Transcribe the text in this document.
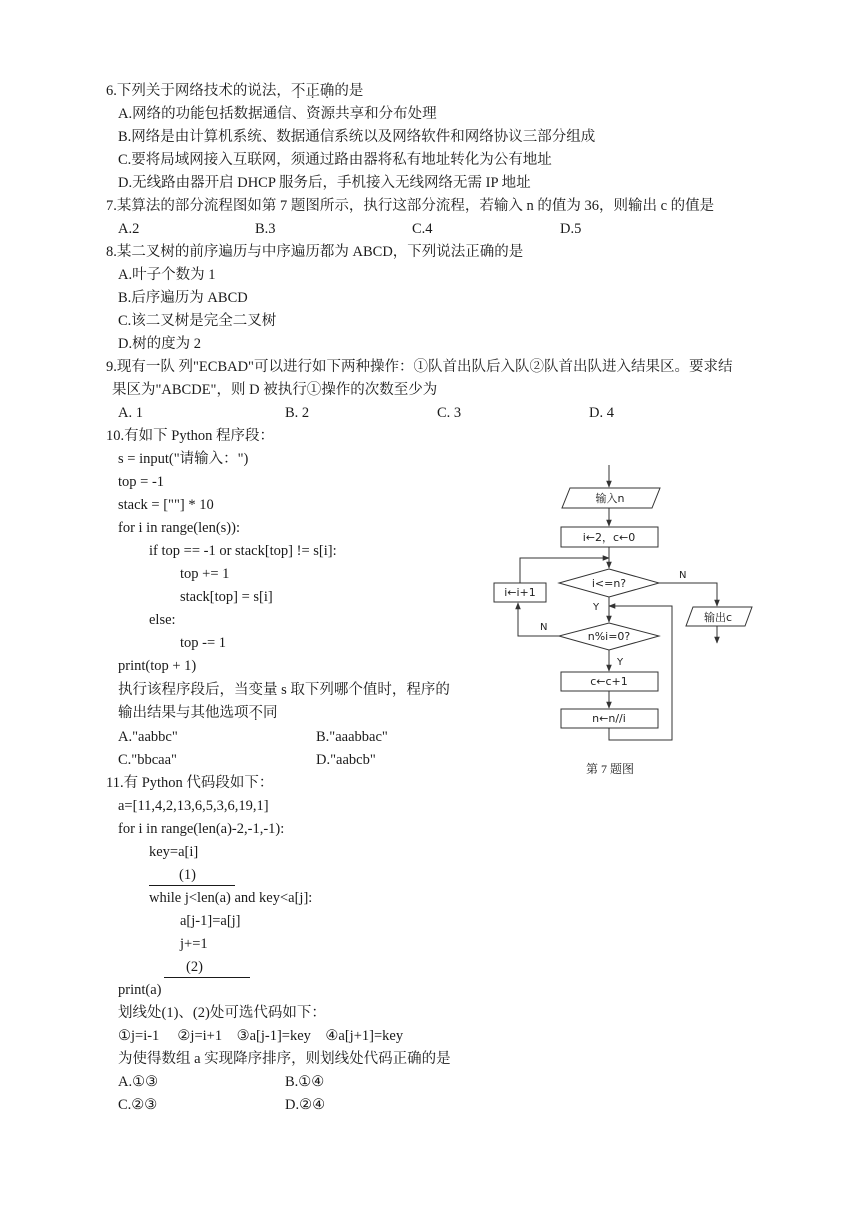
6.下列关于网络技术的说法，不正确的是
A.网络的功能包括数据通信、资源共享和分布处理
B.网络是由计算机系统、数据通信系统以及网络软件和网络协议三部分组成
C.要将局域网接入互联网，须通过路由器将私有地址转化为公有地址
D.无线路由器开启 DHCP 服务后，手机接入无线网络无需 IP 地址
7.某算法的部分流程图如第 7 题图所示，执行这部分流程，若输入 n 的值为 36，则输出 c 的值是
A.2	B.3	C.4	D.5
8.某二叉树的前序遍历与中序遍历都为 ABCD，下列说法正确的是
A.叶子个数为 1
B.后序遍历为 ABCD
C.该二叉树是完全二叉树
D.树的度为 2
9.现有一队 列"ECBAD"可以进行如下两种操作：①队首出队后入队②队首出队进入结果区。要求结
果区为"ABCDE"，则 D 被执行①操作的次数至少为
A. 1	B. 2	C. 3	D. 4
10.有如下 Python 程序段：
s = input("请输入：")
top = -1
stack = [""] * 10
for i in range(len(s)):
if top == -1 or stack[top] != s[i]:
top += 1
stack[top] = s[i]
else:
top -= 1
print(top + 1)
执行该程序段后，当变量 s 取下列哪个值时，程序的
输出结果与其他选项不同
A."aabbc"	B."aaabbac"
C."bbcaa"	D."aabcb"
11.有 Python 代码段如下：
a=[11,4,2,13,6,5,3,6,19,1]
for i in range(len(a)-2,-1,-1):
key=a[i]
(1)
while j<len(a) and key<a[j]:
a[j-1]=a[j]
j+=1
(2)
print(a)
划线处(1)、(2)处可选代码如下：
①j=i-1　 ②j=i+1　③a[j-1]=key　④a[j+1]=key
为使得数组 a 实现降序排序，则划线处代码正确的是
A.①③	B.①④
C.②③	D.②④
输入n
i←2，c←0
i<=n?
N
输出c
Y
n%i=0?
N
i←i+1
Y
c←c+1
n←n//i
第 7 题图
